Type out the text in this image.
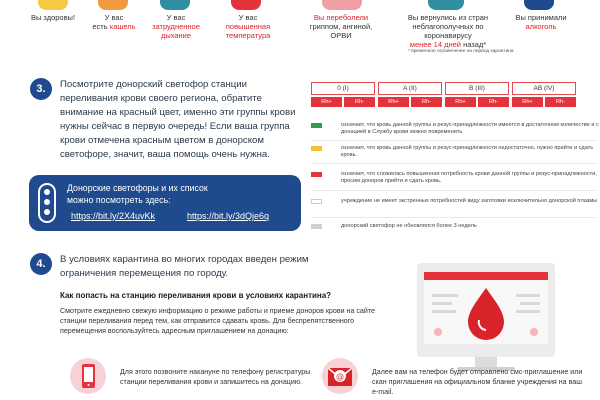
Вы здоровы!	У вас
есть кашель
У вас
затрудненное дыхание
У вас
повышенная температура
Вы переболели
гриппом, ангиной, ОРВИ
Вы вернулись из стран
неблагополучных по коронавирусу
менее 14 дней назад*
Вы принимали
алкоголь
* временное ограничение на период карантина
3.	Посмотрите донорский светофор станции переливания крови своего региона, обратите внимание на красный цвет, именно эти группы крови нужны сейчас в первую очередь! Если ваша группа крови отмечена красным цветом в донорском светофоре, значит, ваша помощь очень нужна.
Донорские светофоры и их список
можно посмотреть здесь:
https://bit.ly/2X4uvKk	https://bit.ly/3dQje6q
0 (I)	A (II)	B (III)	AB (IV)
Rh+	Rh-	Rh+	Rh-	Rh+	Rh-	Rh+	Rh-
означает, что кровь данной группы и резус-принадлежности имеется в достаточном количестве и с донацией в Службу крови можно повременить
означает, что кровь данной группы и резус-принадлежности недостаточно, нужно прийти и сдать кровь.
означает, что сложилась повышенная потребность крови данной группы и резус-принадлежности, просим доноров прийти и сдать кровь.
учреждение не имеет экстренных потребностей виду заготовки исключительно донорской плазмы
донорский светофор не обновлялся более 3 недель
4.	В условиях карантина во многих городах введен режим ограничения перемещения по городу.
Как попасть на станцию переливания крови в условиях карантина?
Смотрите ежедневно свежую информацию о режиме работы и приеме доноров крови на сайте станции переливания перед тем, как отправится сдавать кровь. Для беспрепятственного перемещения воспользуйтесь адресным приглашением на донацию:
Для этого позвоните накануне по телефону регистратуры станции переливания крови и запишитесь на донацию.
@	Далее вам на телефон будет отправлено смс-приглашение или скан приглашения на официальном бланке учреждения на ваш e-mail.
